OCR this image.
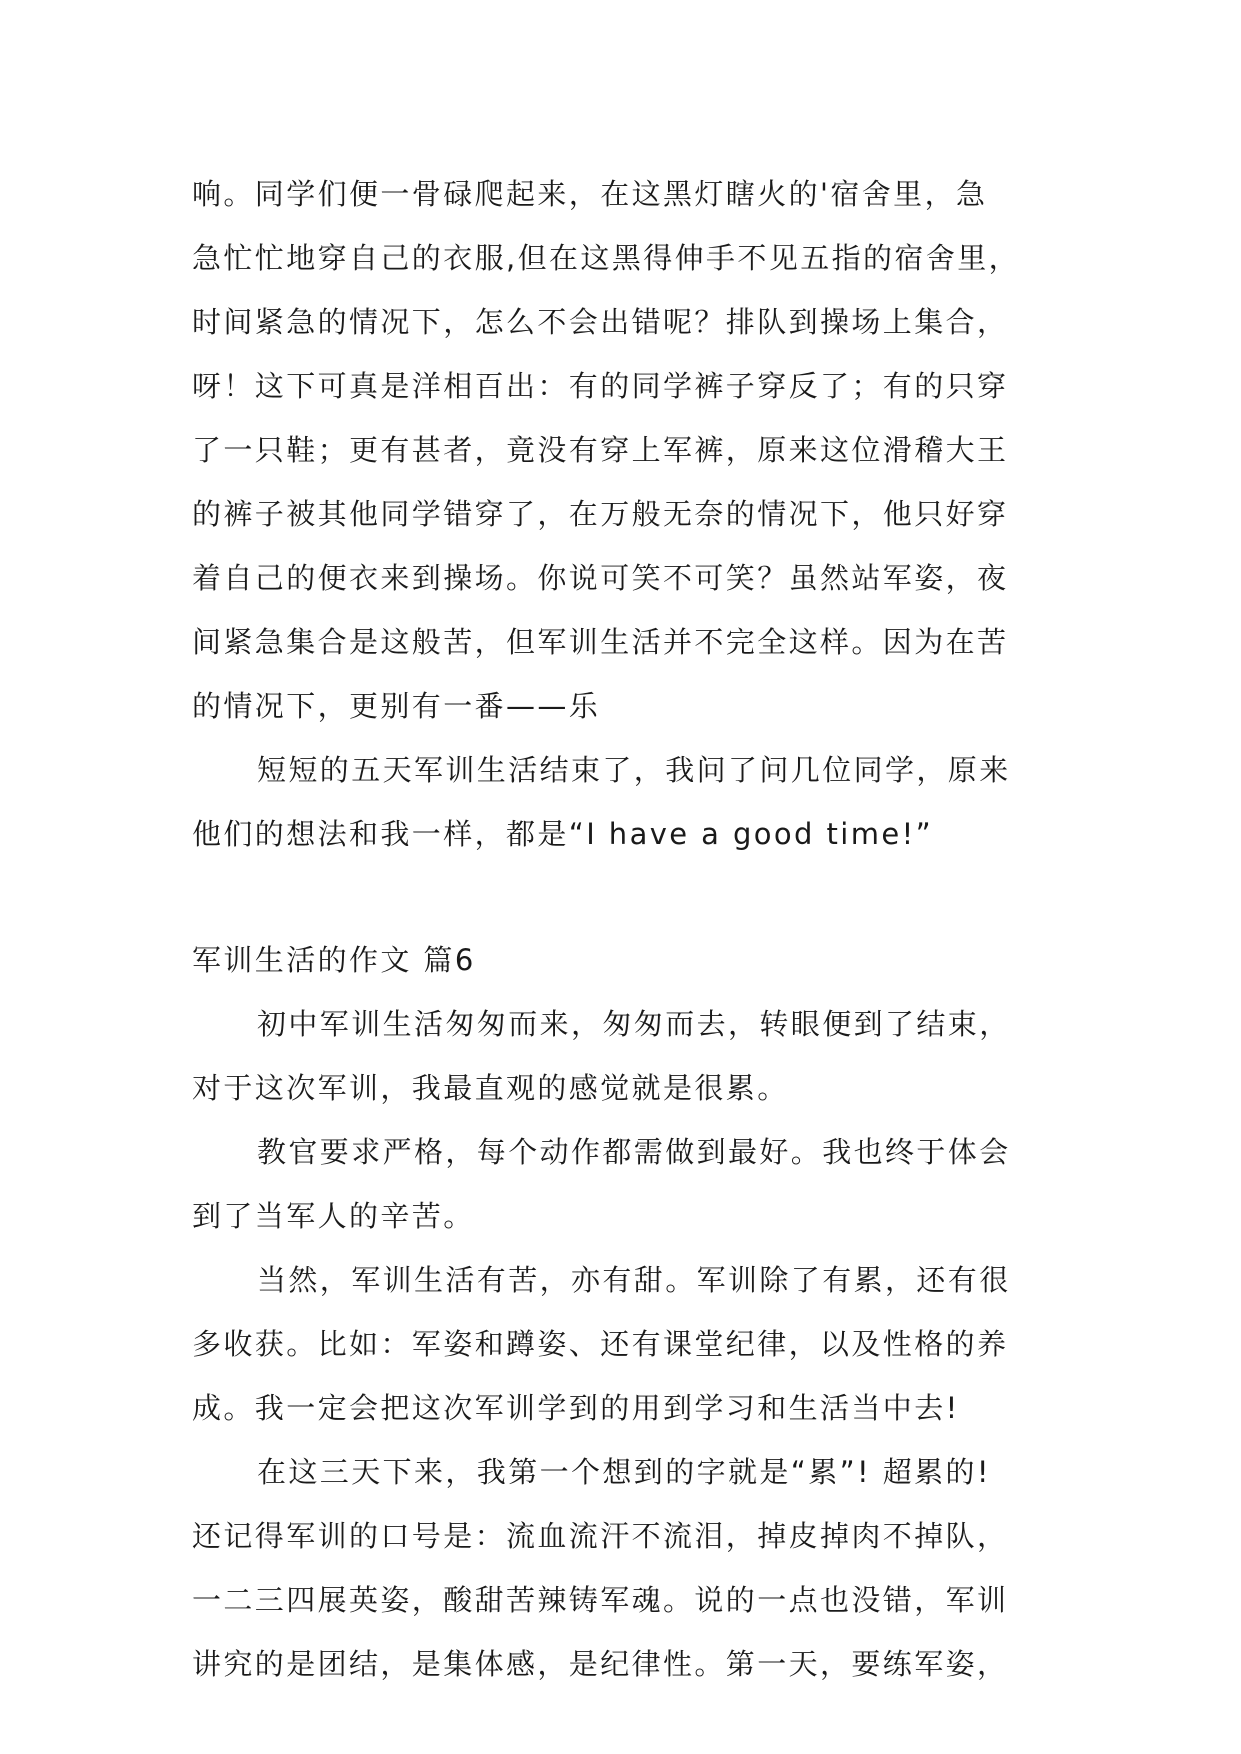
响。同学们便一骨碌爬起来，在这黑灯瞎火的'宿舍里，急
急忙忙地穿自己的衣服,但在这黑得伸手不见五指的宿舍里，
时间紧急的情况下，怎么不会出错呢？排队到操场上集合，
呀！这下可真是洋相百出：有的同学裤子穿反了；有的只穿
了一只鞋；更有甚者，竟没有穿上军裤，原来这位滑稽大王
的裤子被其他同学错穿了，在万般无奈的情况下，他只好穿
着自己的便衣来到操场。你说可笑不可笑？虽然站军姿，夜
间紧急集合是这般苦，但军训生活并不完全这样。因为在苦
的情况下，更别有一番——乐
短短的五天军训生活结束了，我问了问几位同学，原来
他们的想法和我一样，都是“I have a good time!”
军训生活的作文 篇6
初中军训生活匆匆而来，匆匆而去，转眼便到了结束，
对于这次军训，我最直观的感觉就是很累。
教官要求严格，每个动作都需做到最好。我也终于体会
到了当军人的辛苦。
当然，军训生活有苦，亦有甜。军训除了有累，还有很
多收获。比如：军姿和蹲姿、还有课堂纪律，以及性格的养
成。我一定会把这次军训学到的用到学习和生活当中去!
在这三天下来，我第一个想到的字就是“累”! 超累的!
还记得军训的口号是：流血流汗不流泪，掉皮掉肉不掉队，
一二三四展英姿，酸甜苦辣铸军魂。说的一点也没错，军训
讲究的是团结，是集体感，是纪律性。第一天，要练军姿，
